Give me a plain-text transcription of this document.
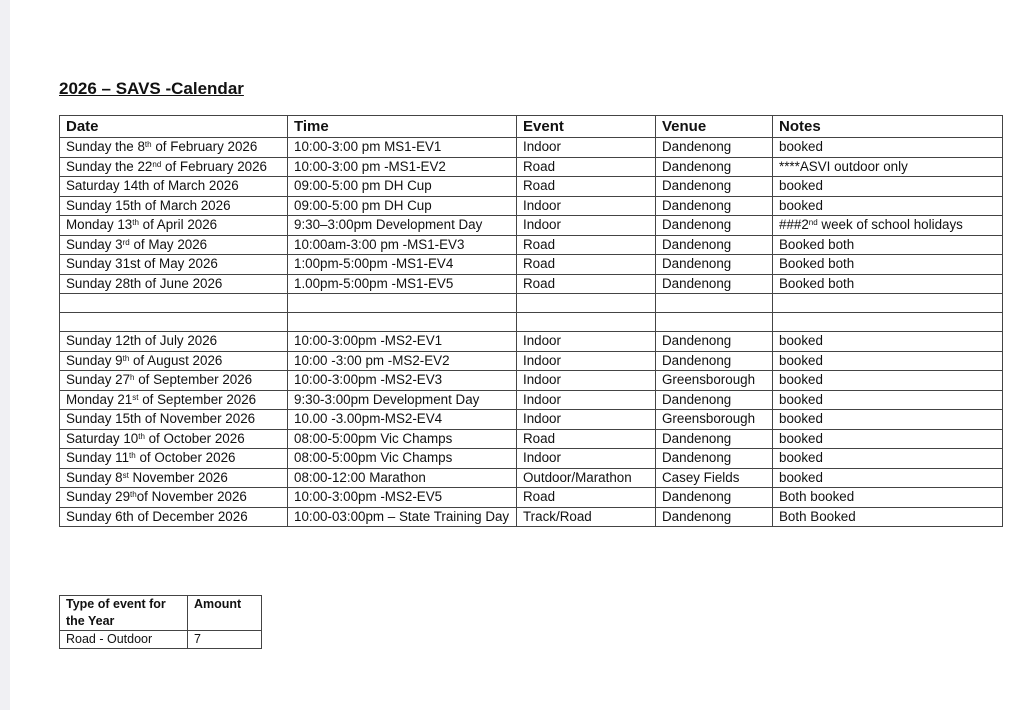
2026 – SAVS -Calendar
Date	Time	Event	Venue	Notes
Sunday the 8th of February 2026	10:00-3:00 pm MS1-EV1	Indoor	Dandenong	booked
Sunday the 22nd of February 2026	10:00-3:00 pm -MS1-EV2	Road	Dandenong	****ASVI outdoor only
Saturday 14th of March 2026	09:00-5:00 pm DH Cup	Road	Dandenong	booked
Sunday 15th of March 2026	09:00-5:00 pm DH Cup	Indoor	Dandenong	booked
Monday 13th of April 2026	9:30–3:00pm Development Day	Indoor	Dandenong	###2nd week of school holidays
Sunday 3rd of May 2026	10:00am-3:00 pm -MS1-EV3	Road	Dandenong	Booked both
Sunday 31st of May 2026	1:00pm-5:00pm -MS1-EV4	Road	Dandenong	Booked both
Sunday 28th of June 2026	1.00pm-5:00pm -MS1-EV5	Road	Dandenong	Booked both

Sunday 12th of July 2026	10:00-3:00pm -MS2-EV1	Indoor	Dandenong	booked
Sunday 9th of August 2026	10:00 -3:00 pm -MS2-EV2	Indoor	Dandenong	booked
Sunday 27$^h$ of September 2026	10:00-3:00pm -MS2-EV3	Indoor	Greensborough	booked
Monday 21st of September 2026	9:30-3:00pm Development Day	Indoor	Dandenong	booked
Sunday 15th of November 2026	10.00 -3.00pm-MS2-EV4	Indoor	Greensborough	booked
Saturday 10th of October 2026	08:00-5:00pm Vic Champs	Road	Dandenong	booked
Sunday 11th of October 2026	08:00-5:00pm Vic Champs	Indoor	Dandenong	booked
Sunday 8st November 2026	08:00-12:00 Marathon	Outdoor/Marathon	Casey Fields	booked
Sunday 29thof November 2026	10:00-3:00pm -MS2-EV5	Road	Dandenong	Both booked
Sunday 6th of December 2026	10:00-03:00pm – State Training Day	Track/Road	Dandenong	Both Booked
Type of event for the Year	Amount
Road - Outdoor	7
